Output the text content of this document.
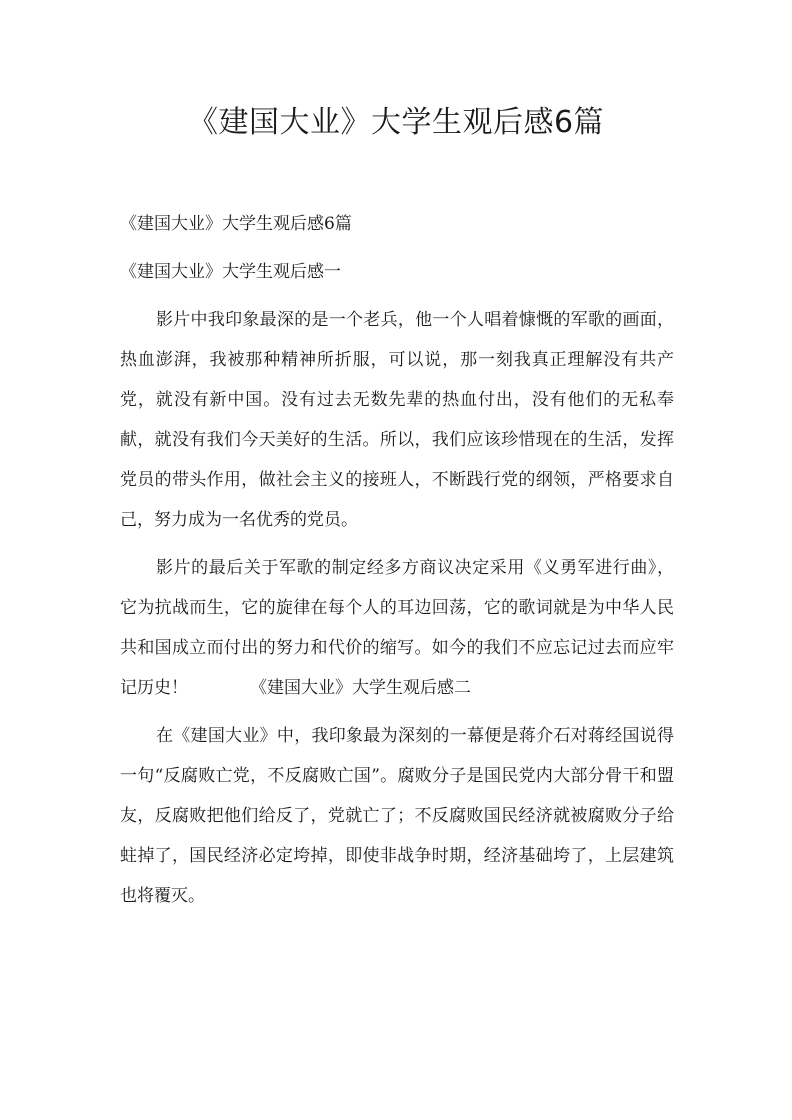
《建国大业》大学生观后感6篇

《建国大业》大学生观后感6篇

《建国大业》大学生观后感一

影片中我印象最深的是一个老兵，他一个人唱着慷慨的军歌的画面，热血澎湃，我被那种精神所折服，可以说，那一刻我真正理解没有共产党，就没有新中国。没有过去无数先辈的热血付出，没有他们的无私奉献，就没有我们今天美好的生活。所以，我们应该珍惜现在的生活，发挥党员的带头作用，做社会主义的接班人，不断践行党的纲领，严格要求自己，努力成为一名优秀的党员。

影片的最后关于军歌的制定经多方商议决定采用《义勇军进行曲》，它为抗战而生，它的旋律在每个人的耳边回荡，它的歌词就是为中华人民共和国成立而付出的努力和代价的缩写。如今的我们不应忘记过去而应牢记历史！	《建国大业》大学生观后感二

在《建国大业》中，我印象最为深刻的一幕便是蒋介石对蒋经国说得一句“反腐败亡党，不反腐败亡国”。腐败分子是国民党内大部分骨干和盟友，反腐败把他们给反了，党就亡了；不反腐败国民经济就被腐败分子给蛀掉了，国民经济必定垮掉，即使非战争时期，经济基础垮了，上层建筑也将覆灭。
